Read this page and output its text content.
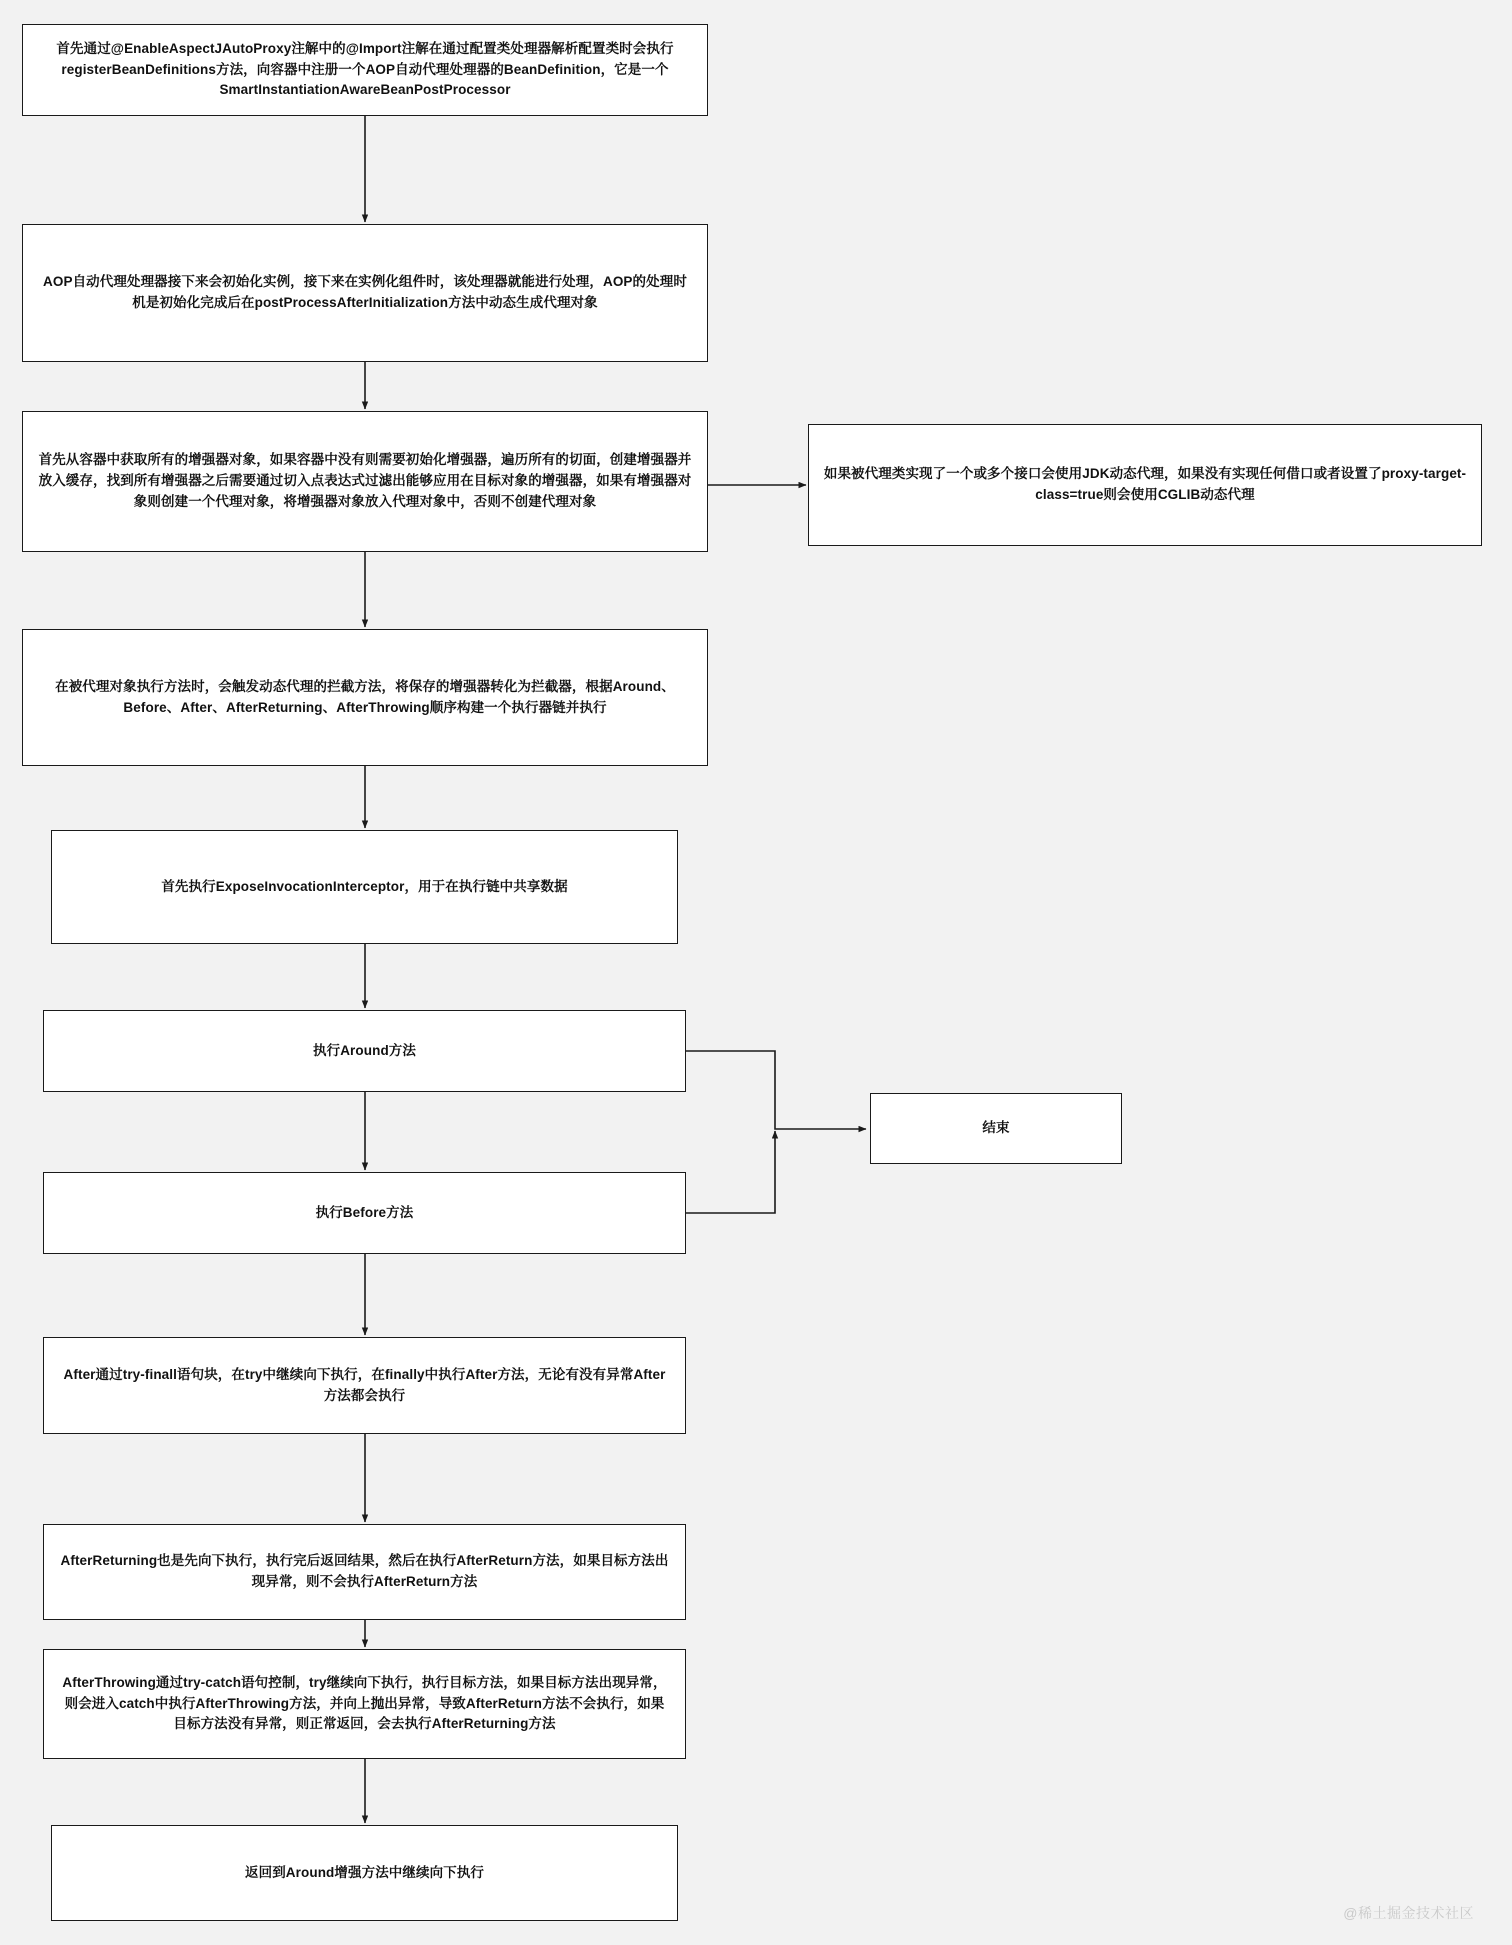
首先通过@EnableAspectJAutoProxy注解中的@Import注解在通过配置类处理器解析配置类时会执行registerBeanDefinitions方法，向容器中注册一个AOP自动代理处理器的BeanDefinition，它是一个SmartInstantiationAwareBeanPostProcessor
AOP自动代理处理器接下来会初始化实例，接下来在实例化组件时，该处理器就能进行处理，AOP的处理时机是初始化完成后在postProcessAfterInitialization方法中动态生成代理对象
首先从容器中获取所有的增强器对象，如果容器中没有则需要初始化增强器，遍历所有的切面，创建增强器并放入缓存，找到所有增强器之后需要通过切入点表达式过滤出能够应用在目标对象的增强器，如果有增强器对象则创建一个代理对象，将增强器对象放入代理对象中，否则不创建代理对象
如果被代理类实现了一个或多个接口会使用JDK动态代理，如果没有实现任何借口或者设置了proxy-target-class=true则会使用CGLIB动态代理
在被代理对象执行方法时，会触发动态代理的拦截方法，将保存的增强器转化为拦截器，根据Around、Before、After、AfterReturning、AfterThrowing顺序构建一个执行器链并执行
首先执行ExposeInvocationInterceptor，用于在执行链中共享数据
执行Around方法
结束
执行Before方法
After通过try-finall语句块，在try中继续向下执行，在finally中执行After方法，无论有没有异常After方法都会执行
AfterReturning也是先向下执行，执行完后返回结果，然后在执行AfterReturn方法，如果目标方法出现异常，则不会执行AfterReturn方法
AfterThrowing通过try-catch语句控制，try继续向下执行，执行目标方法，如果目标方法出现异常，则会进入catch中执行AfterThrowing方法，并向上抛出异常，导致AfterReturn方法不会执行，如果目标方法没有异常，则正常返回，会去执行AfterReturning方法
返回到Around增强方法中继续向下执行
@稀土掘金技术社区
